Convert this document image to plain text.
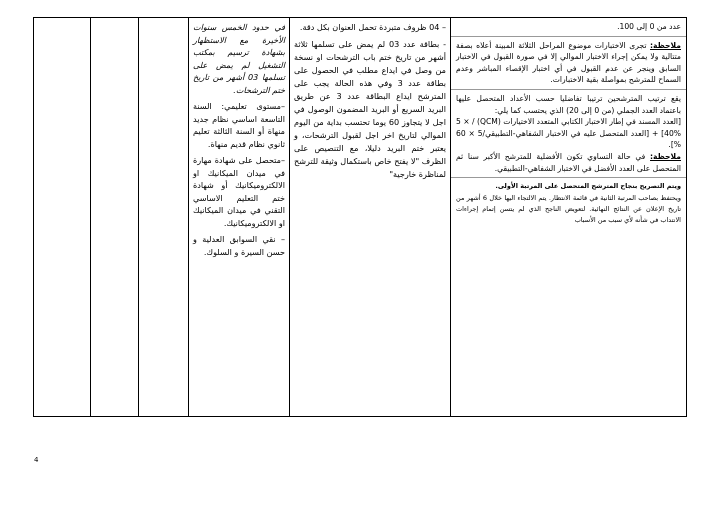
في حدود الخمس سنوات الأخيرة مع الاستظهار بشهادة ترسيم بمكتب التشغيل لم يمض على تسلمها 03 أشهر من تاريخ ختم الترشحات.

–مستوى تعليمي: السنة التاسعة اساسي نظام جديد منهاة أو السنة الثالثة تعليم ثانوي نظام قديم منهاة.

–متحصل على شهادة مهارة في ميدان الميكانيك او الالكتروميكانيك أو شهادة ختم التعليم الاساسي التقني في ميدان الميكانيك او الالكتروميكانيك.

– نقي السوابق العدلية و حسن السيرة و السلوك.

– 04 ظروف متبردة تحمل العنوان بكل دقة.

- بطاقة عدد 03 لم يمض على تسلمها ثلاثة أشهر من تاريخ ختم باب الترشحات او نسخة من وصل في ايداع مطلب في الحصول على بطاقة عدد 3 وفي هذه الحالة يجب على المترشح ايداع البطاقة عدد 3 عن طريق البريد السريع أو البريد المضمون الوصول في اجل لا يتجاوز 60 يوما تحتسب بداية من اليوم الموالي لتاريخ اخر اجل لقبول الترشحات، و يعتبر ختم البريد دليلا، مع التنصيص على الظرف "لا يفتح خاص باستكمال وثيقة للترشح لمناظرة خارجية"

عدد من 0 إلى 100.

ملاحظة: تجرى الاختبارات موضوع المراحل الثلاثة المبينة أعلاه بصفة متتالية ولا يمكن إجراء الاختبار الموالي إلا في صورة القبول في الاختبار السابق وينجر عن عدم القبول في أي اختبار الإقصاء المباشر وعدم السماح للمترشح بمواصلة بقية الاختبارات.

يقع ترتيب المترشحين ترتيبا تفاضليا حسب الأعداد المتحصل عليها باعتماد العدد الجملي (من 0 إلى 20) الذي يحتسب كما يلي:

[العدد المسند في إطار الاختبار الكتابي المتعدد الاختيارات (QCM) / 5 × 40%] + [العدد المتحصل عليه في الاختبار الشفاهي-التطبيقي/5 × 60 %].

ملاحظة: في حالة التساوي تكون الأفضلية للمترشح الأكبر سنا ثم المتحصل على العدد الأفضل في الاختبار الشفاهي-التطبيقي.

ويتم التصريح بنجاح المترشح المتحصل على المرتبة الأولى.

ويحتفظ بصاحب المرتبة الثانية في قائمة الانتظار. يتم الالتجاء اليها خلال 6 أشهر من تاريخ الإعلان عن النتائج النهائية. لتعويض الناجح الذي لم يتسن إتمام إجراءات الانتداب في شأنه لأي سبب من الأسباب

4
